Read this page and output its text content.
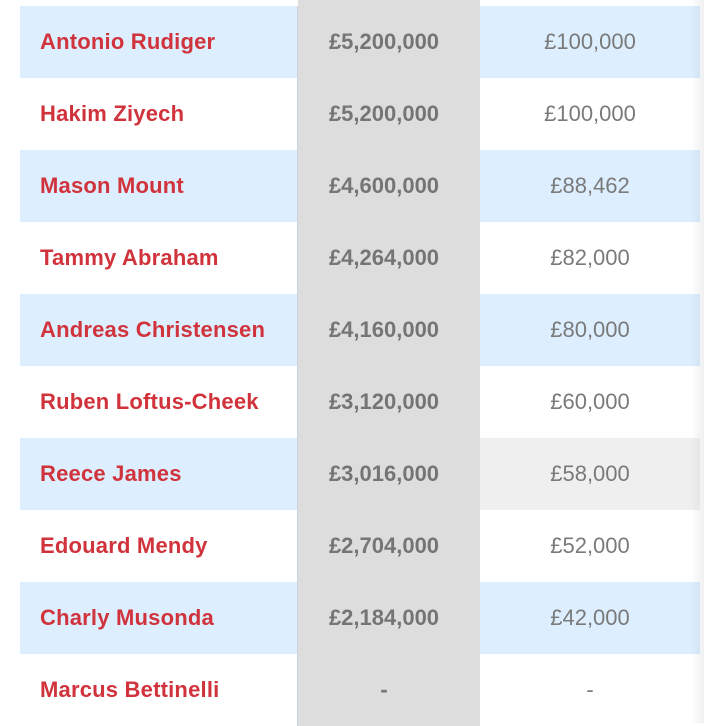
Antonio Rudiger	£5,200,000	£100,000
Hakim Ziyech	£5,200,000	£100,000
Mason Mount	£4,600,000	£88,462
Tammy Abraham	£4,264,000	£82,000
Andreas Christensen	£4,160,000	£80,000
Ruben Loftus-Cheek	£3,120,000	£60,000
Reece James	£3,016,000	£58,000
Edouard Mendy	£2,704,000	£52,000
Charly Musonda	£2,184,000	£42,000
Marcus Bettinelli	-	-
